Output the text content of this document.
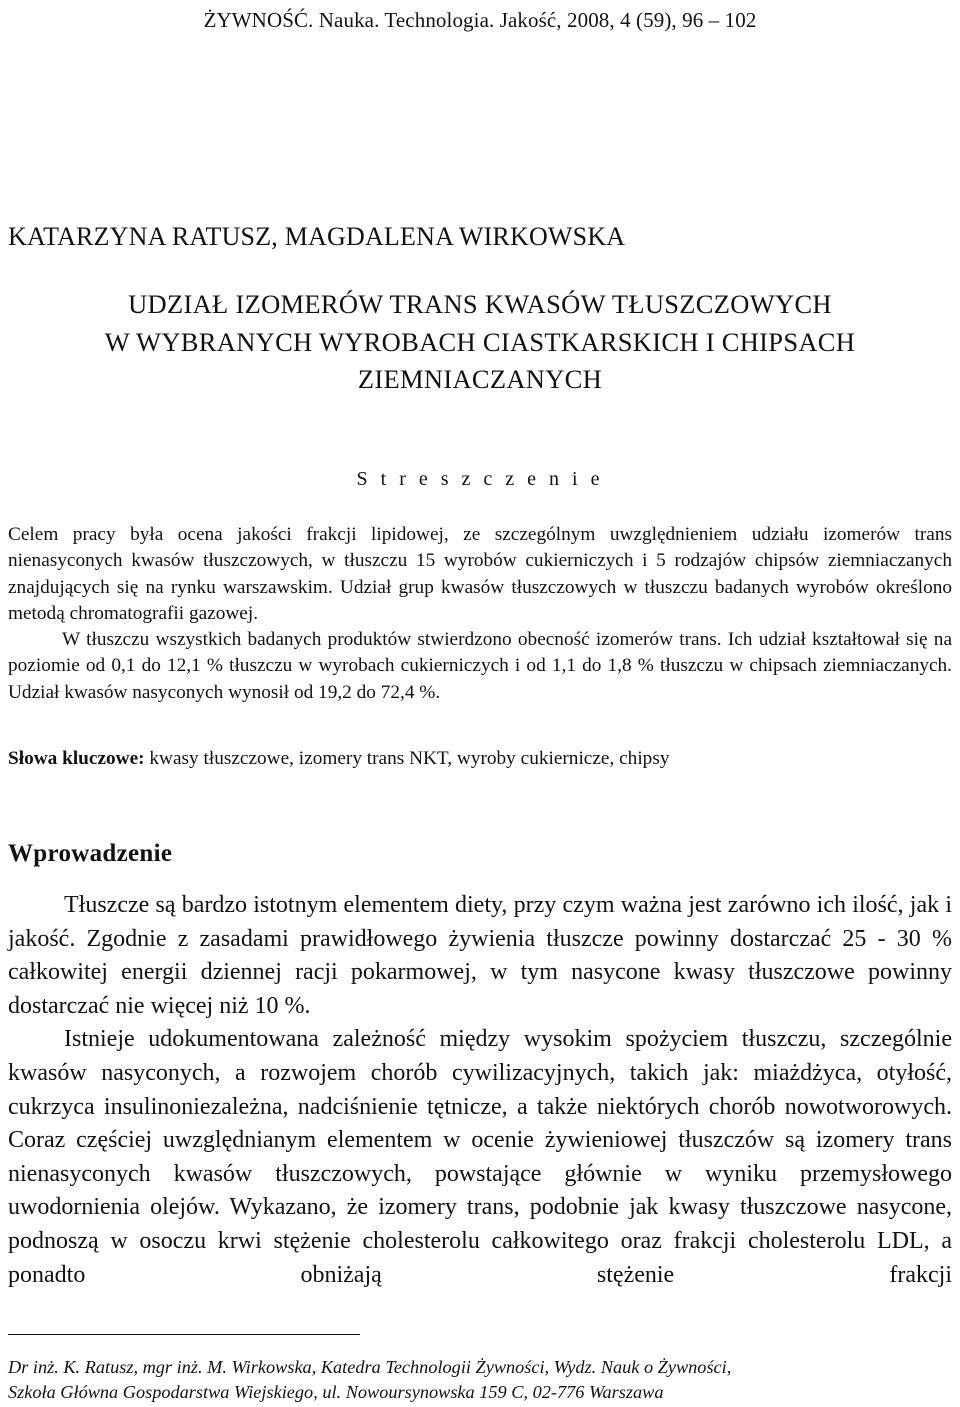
ŻYWNOŚĆ. Nauka. Technologia. Jakość, 2008, 4 (59), 96 – 102
KATARZYNA RATUSZ, MAGDALENA WIRKOWSKA
UDZIAŁ IZOMERÓW TRANS KWASÓW TŁUSZCZOWYCH
W WYBRANYCH WYROBACH CIASTKARSKICH I CHIPSACH
ZIEMNIACZANYCH
S t r e s z c z e n i e

Celem pracy była ocena jakości frakcji lipidowej, ze szczególnym uwzględnieniem udziału izomerów trans nienasyconych kwasów tłuszczowych, w tłuszczu 15 wyrobów cukierniczych i 5 rodzajów chipsów ziemniaczanych znajdujących się na rynku warszawskim. Udział grup kwasów tłuszczowych w tłuszczu badanych wyrobów określono metodą chromatografii gazowej.

W tłuszczu wszystkich badanych produktów stwierdzono obecność izomerów trans. Ich udział kształtował się na poziomie od 0,1 do 12,1 % tłuszczu w wyrobach cukierniczych i od 1,1 do 1,8 % tłuszczu w chipsach ziemniaczanych. Udział kwasów nasyconych wynosił od 19,2 do 72,4 %.

Słowa kluczowe: kwasy tłuszczowe, izomery trans NKT, wyroby cukiernicze, chipsy
Wprowadzenie

Tłuszcze są bardzo istotnym elementem diety, przy czym ważna jest zarówno ich ilość, jak i jakość. Zgodnie z zasadami prawidłowego żywienia tłuszcze powinny dostarczać 25 - 30 % całkowitej energii dziennej racji pokarmowej, w tym nasycone kwasy tłuszczowe powinny dostarczać nie więcej niż 10 %.

Istnieje udokumentowana zależność między wysokim spożyciem tłuszczu, szczególnie kwasów nasyconych, a rozwojem chorób cywilizacyjnych, takich jak: miażdżyca, otyłość, cukrzyca insulinoniezależna, nadciśnienie tętnicze, a także niektórych chorób nowotworowych. Coraz częściej uwzględnianym elementem w ocenie żywieniowej tłuszczów są izomery trans nienasyconych kwasów tłuszczowych, powstające głównie w wyniku przemysłowego uwodornienia olejów. Wykazano, że izomery trans, podobnie jak kwasy tłuszczowe nasycone, podnoszą w osoczu krwi stężenie cholesterolu całkowitego oraz frakcji cholesterolu LDL, a ponadto obniżają stężenie frakcji

Dr inż. K. Ratusz, mgr inż. M. Wirkowska, Katedra Technologii Żywności, Wydz. Nauk o Żywności,
Szkoła Główna Gospodarstwa Wiejskiego, ul. Nowoursynowska 159 C, 02-776 Warszawa
